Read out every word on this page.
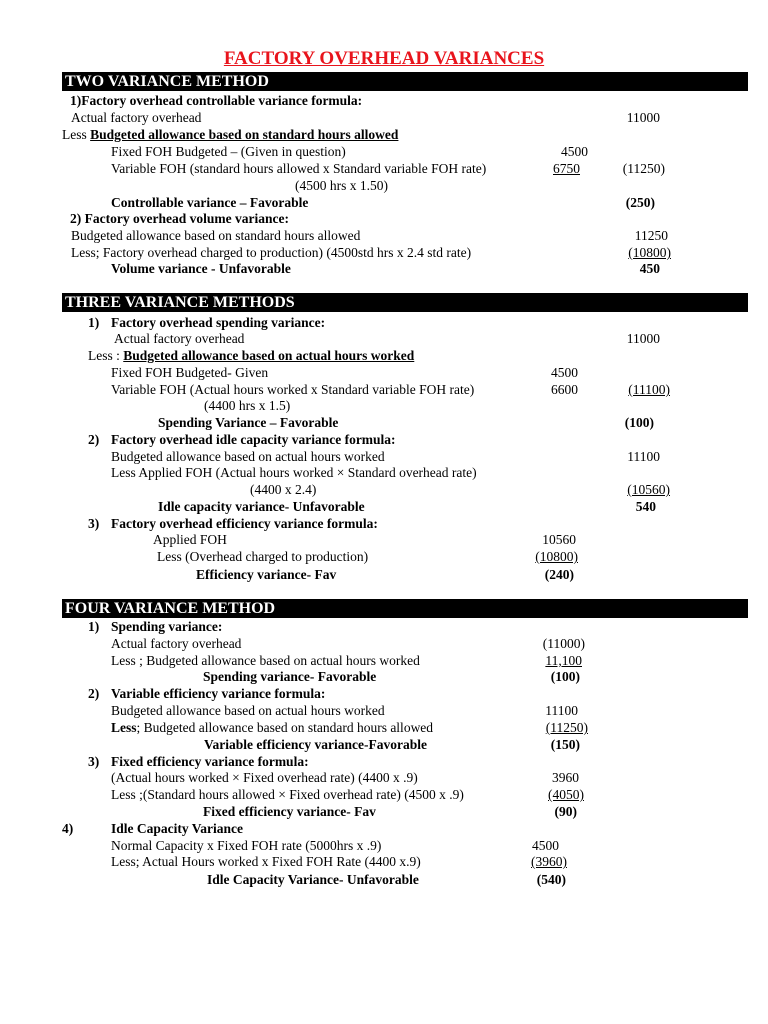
FACTORY OVERHEAD VARIANCES
TWO VARIANCE METHOD
1)Factory overhead controllable variance formula:
Actual factory overhead	11000
Less Budgeted allowance based on standard hours allowed
Fixed FOH Budgeted – (Given in question)	4500
Variable FOH (standard hours allowed x Standard variable FOH rate)	6750	(11250)
(4500 hrs x 1.50)
Controllable variance – Favorable	(250)
2) Factory overhead volume variance:
Budgeted allowance based on standard hours allowed	11250
Less; Factory overhead charged to production) (4500std hrs x 2.4 std rate)	(10800)
Volume variance - Unfavorable	450
THREE VARIANCE METHODS
1) Factory overhead spending variance:
Actual factory overhead	11000
Less : Budgeted allowance based on actual hours worked
Fixed FOH Budgeted- Given	4500
Variable FOH (Actual hours worked x Standard variable FOH rate)	6600	(11100)
(4400 hrs x 1.5)
Spending Variance – Favorable	(100)
2) Factory overhead idle capacity variance formula:
Budgeted allowance based on actual hours worked	11100
Less Applied FOH (Actual hours worked × Standard overhead rate)
(4400 x 2.4)	(10560)
Idle capacity variance- Unfavorable	540
3) Factory overhead efficiency variance formula:
Applied FOH	10560
Less (Overhead charged to production)	(10800)
Efficiency variance- Fav	(240)
FOUR VARIANCE METHOD
1) Spending variance:
Actual factory overhead	(11000)
Less ; Budgeted allowance based on actual hours worked	11,100
Spending variance- Favorable	(100)
2) Variable efficiency variance formula:
Budgeted allowance based on actual hours worked	11100
Less; Budgeted allowance based on standard hours allowed	(11250)
Variable efficiency variance-Favorable	(150)
3) Fixed efficiency variance formula:
(Actual hours worked × Fixed overhead rate) (4400 x .9)	3960
Less ;(Standard hours allowed × Fixed overhead rate) (4500 x .9)	(4050)
Fixed efficiency variance- Fav	(90)
4)	Idle Capacity Variance
Normal Capacity x Fixed FOH rate (5000hrs x .9)	4500
Less; Actual Hours worked x Fixed FOH Rate (4400 x.9)	(3960)
Idle Capacity Variance- Unfavorable	(540)
